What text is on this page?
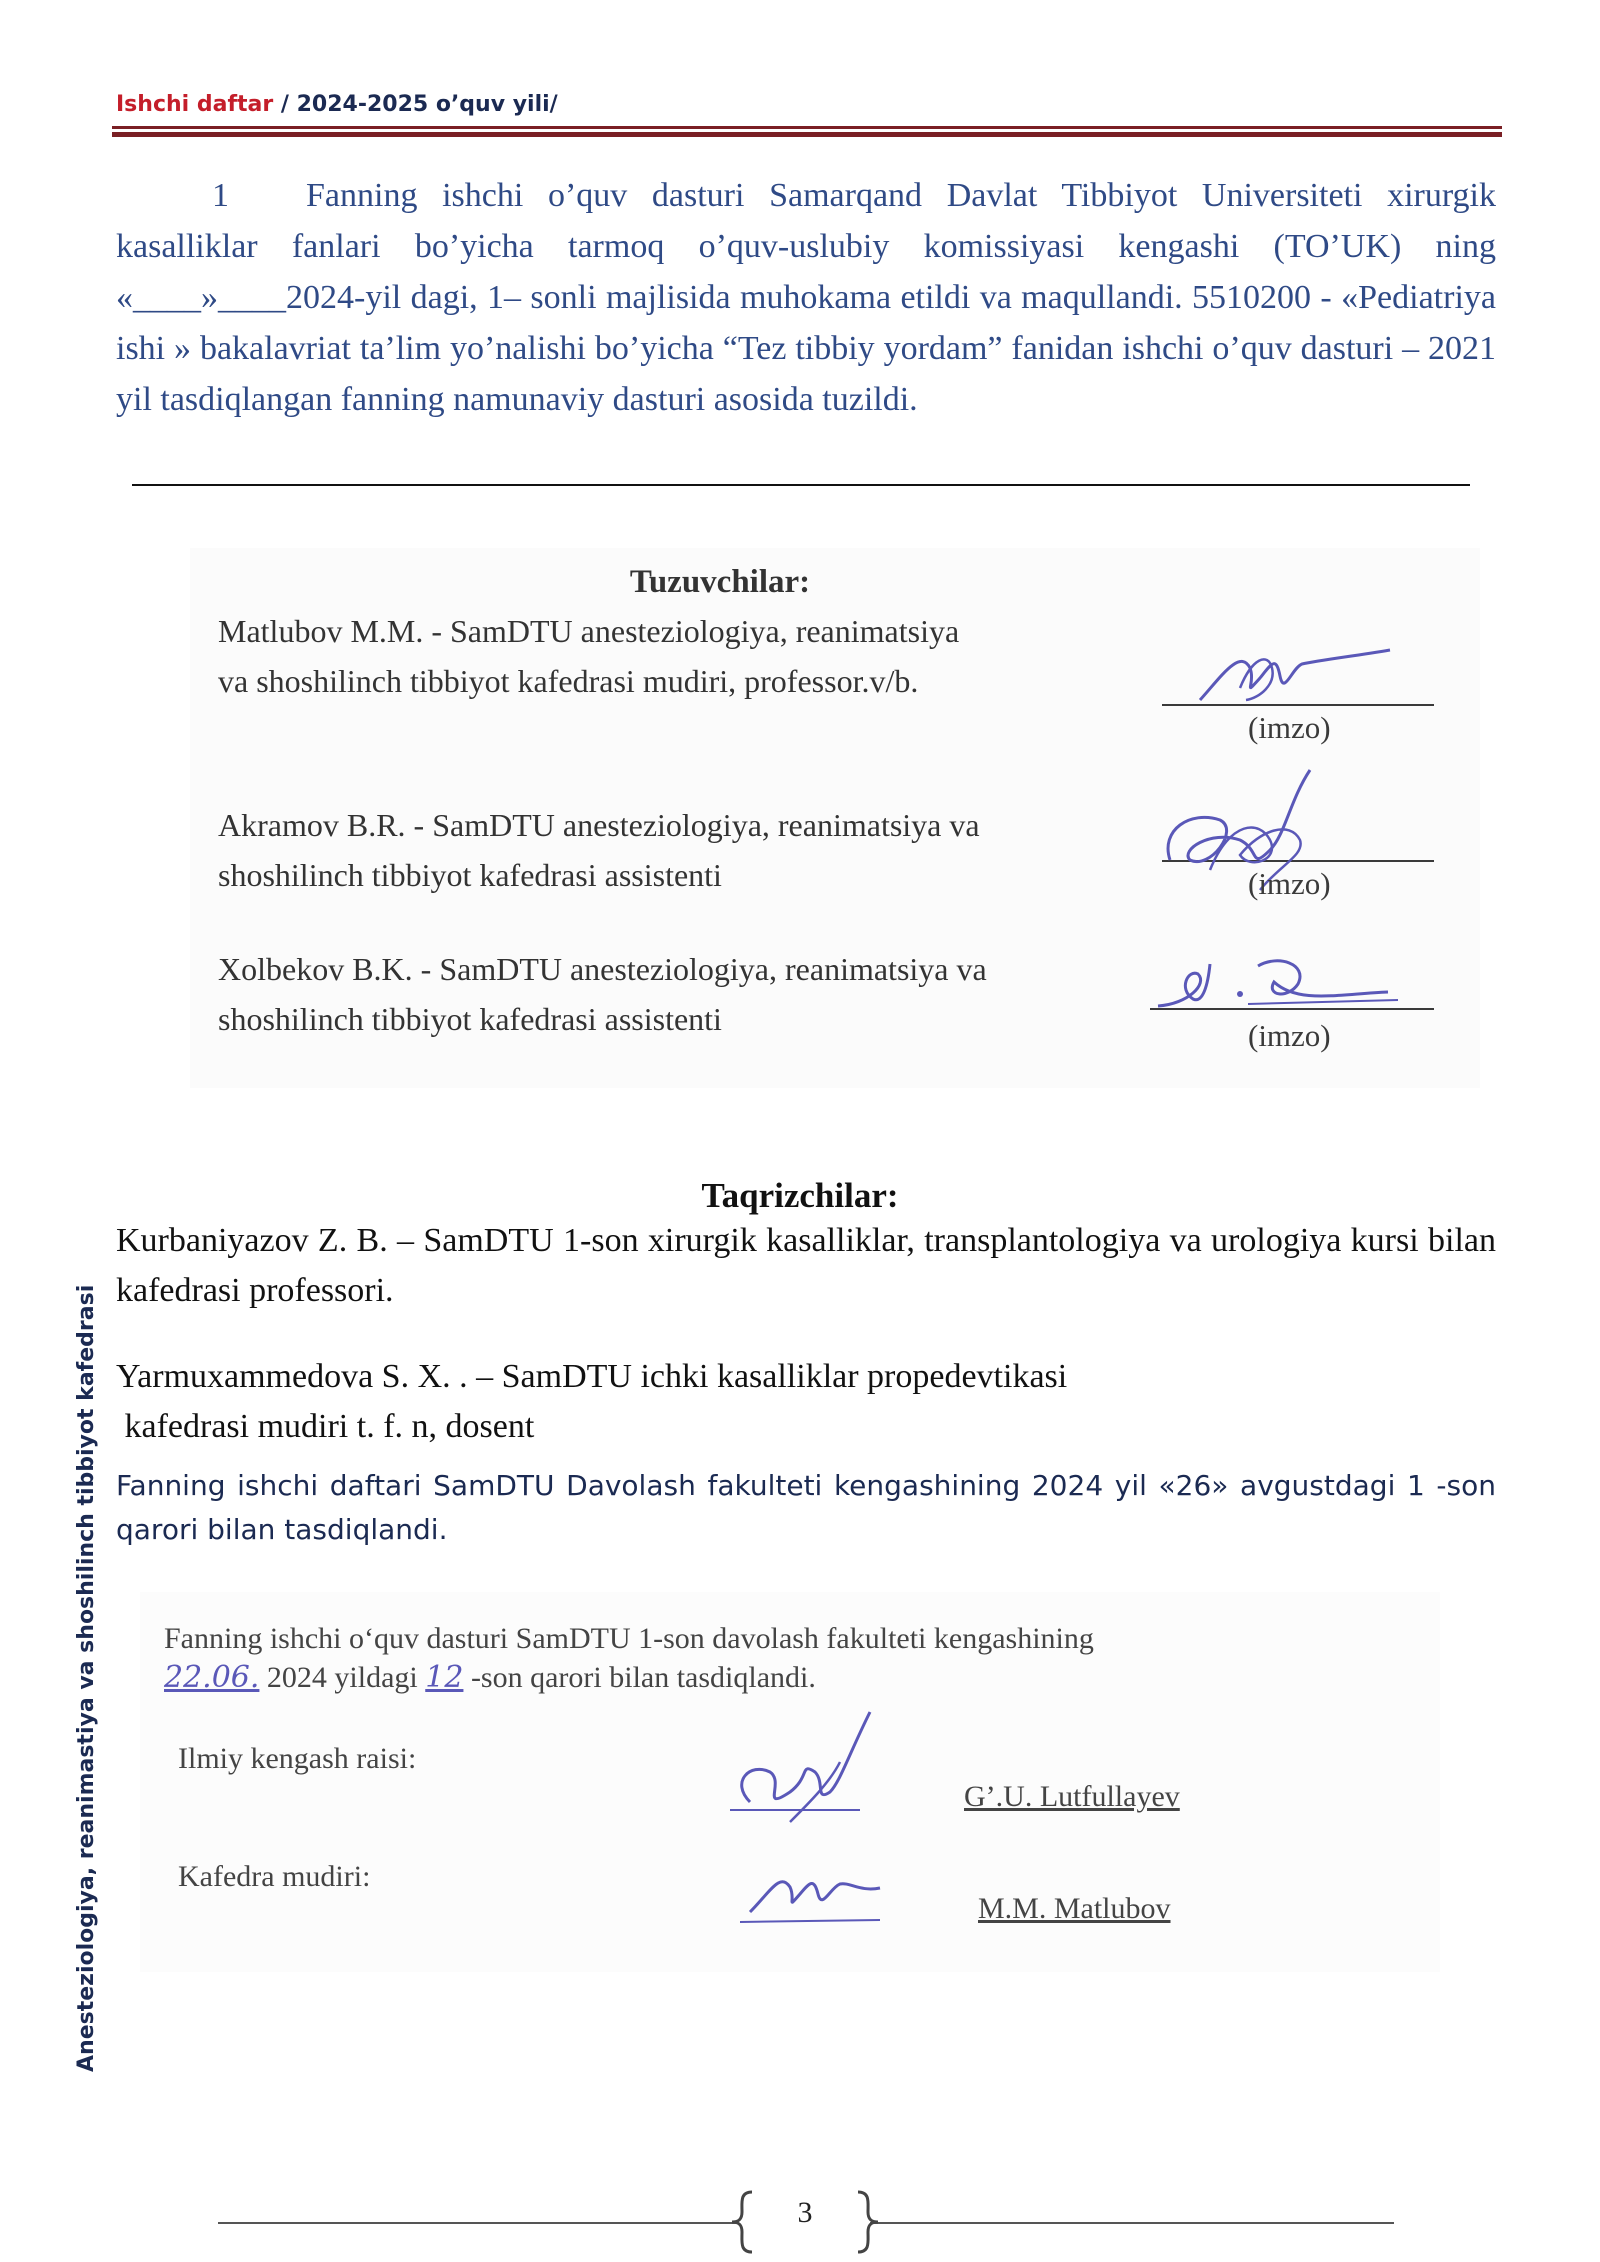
Ishchi daftar / 2024-2025 o’quv yili/
1 Fanning ishchi o’quv dasturi Samarqand Davlat Tibbiyot Universiteti xirurgik kasalliklar fanlari bo’yicha tarmoq o’quv-uslubiy komissiyasi kengashi (TO’UK) ning «____»____2024-yil dagi, 1– sonli majlisida muhokama etildi va maqullandi. 5510200 - «Pediatriya ishi » bakalavriat ta’lim yo’nalishi bo’yicha “Tez tibbiy yordam” fanidan ishchi o’quv dasturi – 2021 yil tasdiqlangan fanning namunaviy dasturi asosida tuzildi.
Tuzuvchilar:
Matlubov M.M. - SamDTU anesteziologiya, reanimatsiya
va shoshilinch tibbiyot kafedrasi mudiri, professor.v/b.
(imzo)
Akramov B.R. - SamDTU anesteziologiya, reanimatsiya va
shoshilinch tibbiyot kafedrasi assistenti	(imzo)
Xolbekov B.K. - SamDTU anesteziologiya, reanimatsiya va
shoshilinch tibbiyot kafedrasi assistenti	(imzo)
Taqrizchilar:
Kurbaniyazov Z. B. – SamDTU 1-son xirurgik kasalliklar, transplantologiya va urologiya kursi bilan kafedrasi professori.
Yarmuxammedova S. X. . – SamDTU ichki kasalliklar propedevtikasi
kafedrasi mudiri t. f. n, dosent
Fanning ishchi daftari SamDTU Davolash fakulteti kengashining 2024 yil «26» avgustdagi 1 -son qarori bilan tasdiqlandi.
Fanning ishchi o‘quv dasturi SamDTU 1-son davolash fakulteti kengashining
22.06. 2024 yildagi 12 -son qarori bilan tasdiqlandi.
Ilmiy kengash raisi:
G’.U. Lutfullayev
Kafedra mudiri:
M.M. Matlubov
Anesteziologiya, reanimastiya va shoshilinch tibbiyot kafedrasi
3
